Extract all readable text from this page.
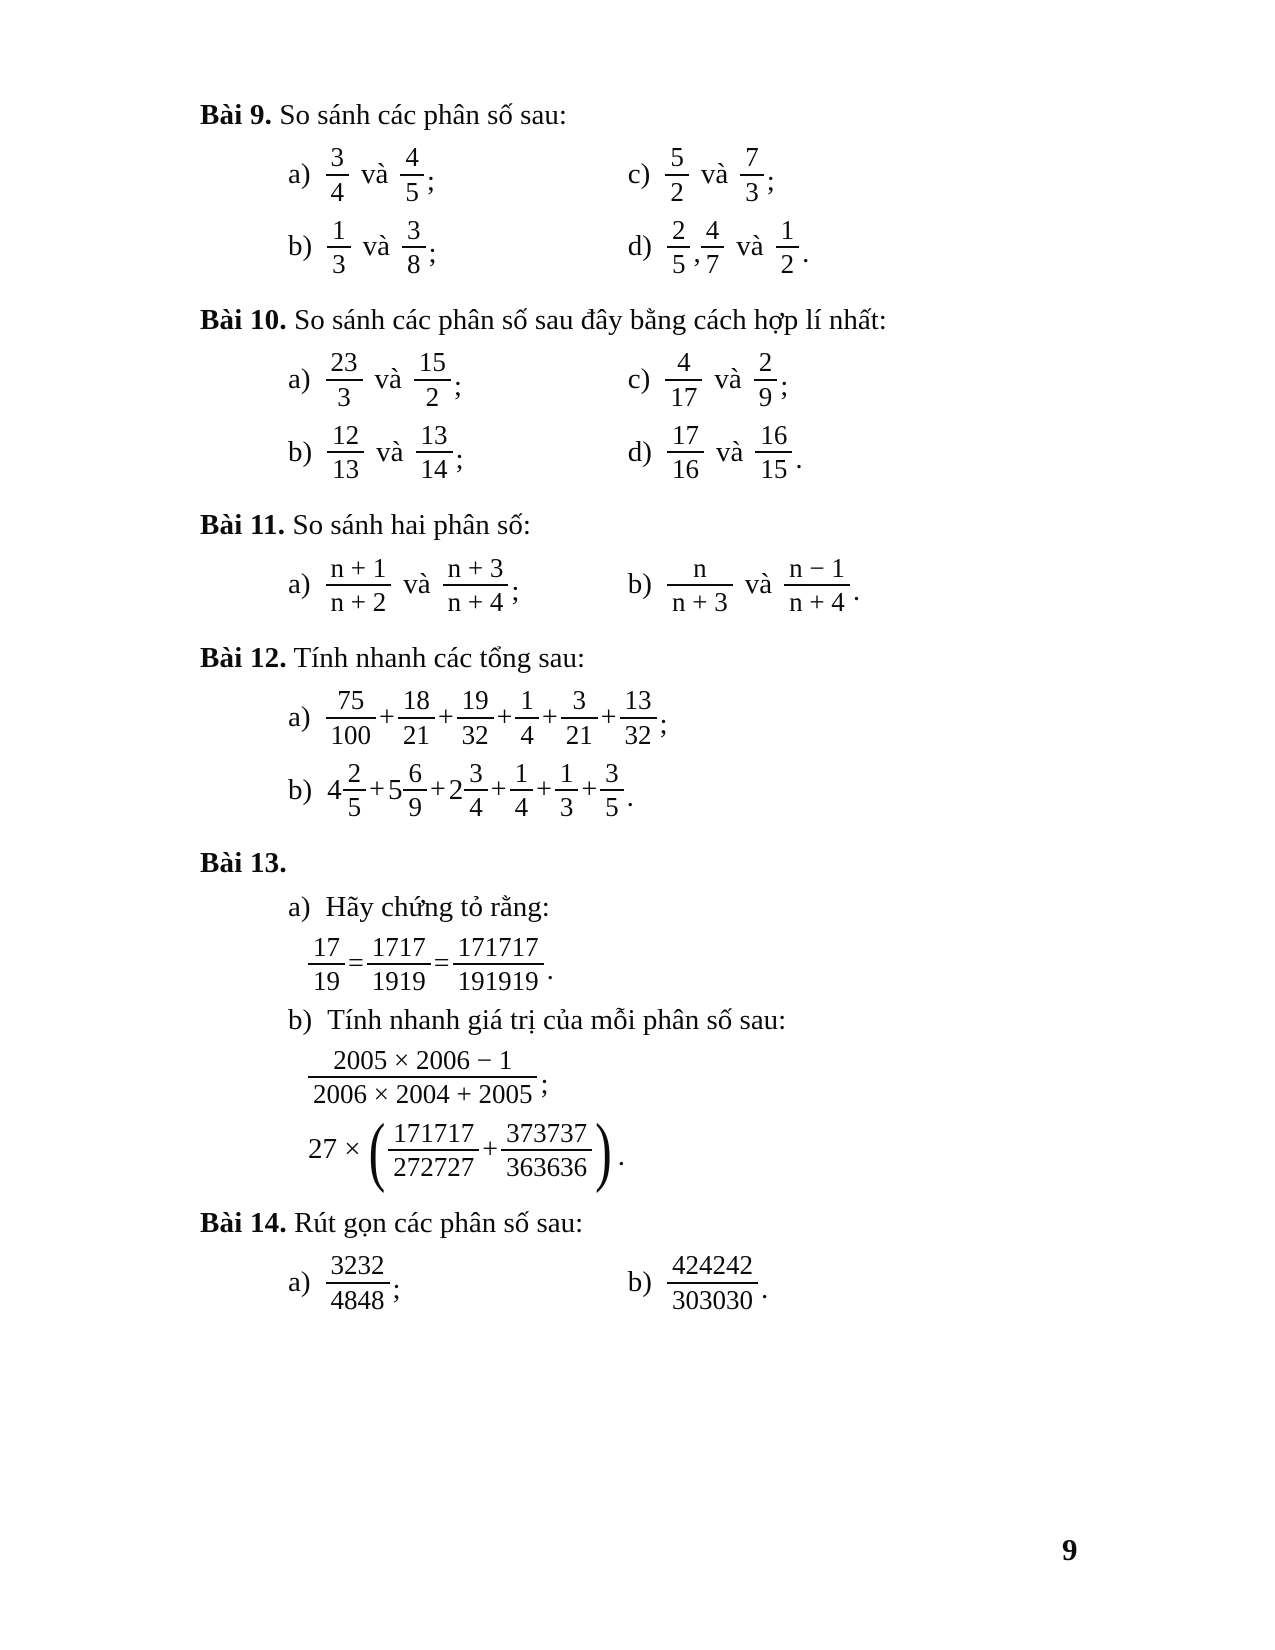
Bài 9. So sánh các phân số sau:
$a) \frac{3}{4}$ và $\frac{4}{5}$ ;	$c) \frac{5}{2}$ và $\frac{7}{3}$ ;
$b) \frac{1}{3}$ và $\frac{3}{8}$ ;	$d) \frac{2}{5}$ , $\frac{4}{7}$ và $\frac{1}{2}$ .
Bài 10. So sánh các phân số sau đây bằng cách hợp lí nhất:
$a) \frac{23}{3}$ và $\frac{15}{2}$ ;	$c) \frac{4}{17}$ và $\frac{2}{9}$ ;
$b) \frac{12}{13}$ và $\frac{13}{14}$ ;	$d) \frac{17}{16}$ và $\frac{16}{15}$ .
Bài 11. So sánh hai phân số:
$a) \frac{n + 1}{n + 2}$ và $\frac{n + 3}{n + 4}$ ;	$b) \frac{n}{n + 3}$ và $\frac{n - 1}{n + 4}$ .
Bài 12. Tính nhanh các tổng sau:
$a) \frac{75}{100} + \frac{18}{21} + \frac{19}{32} + \frac{1}{4} + \frac{3}{21} + \frac{13}{32}$ ;
b) $4 \frac{2}{5} + 5 \frac{6}{9} + 2 \frac{3}{4} + \frac{1}{4} + \frac{1}{3} + \frac{3}{5}$ .
Bài 13.
a) Hãy chứng tỏ rằng:
$\frac{17}{19} = \frac{1717}{1919} = \frac{171717}{191919}$ .
b) Tính nhanh giá trị của mỗi phân số sau:
$\frac{2005 \times 2006 - 1}{2006 \times 2004 + 2005}$ ;
27 × ( $\frac{171717}{272727} + \frac{373737}{363636}$ ) .
Bài 14. Rút gọn các phân số sau:
$a) \frac{3232}{4848}$ ;	$b) \frac{424242}{303030}$ .
9
